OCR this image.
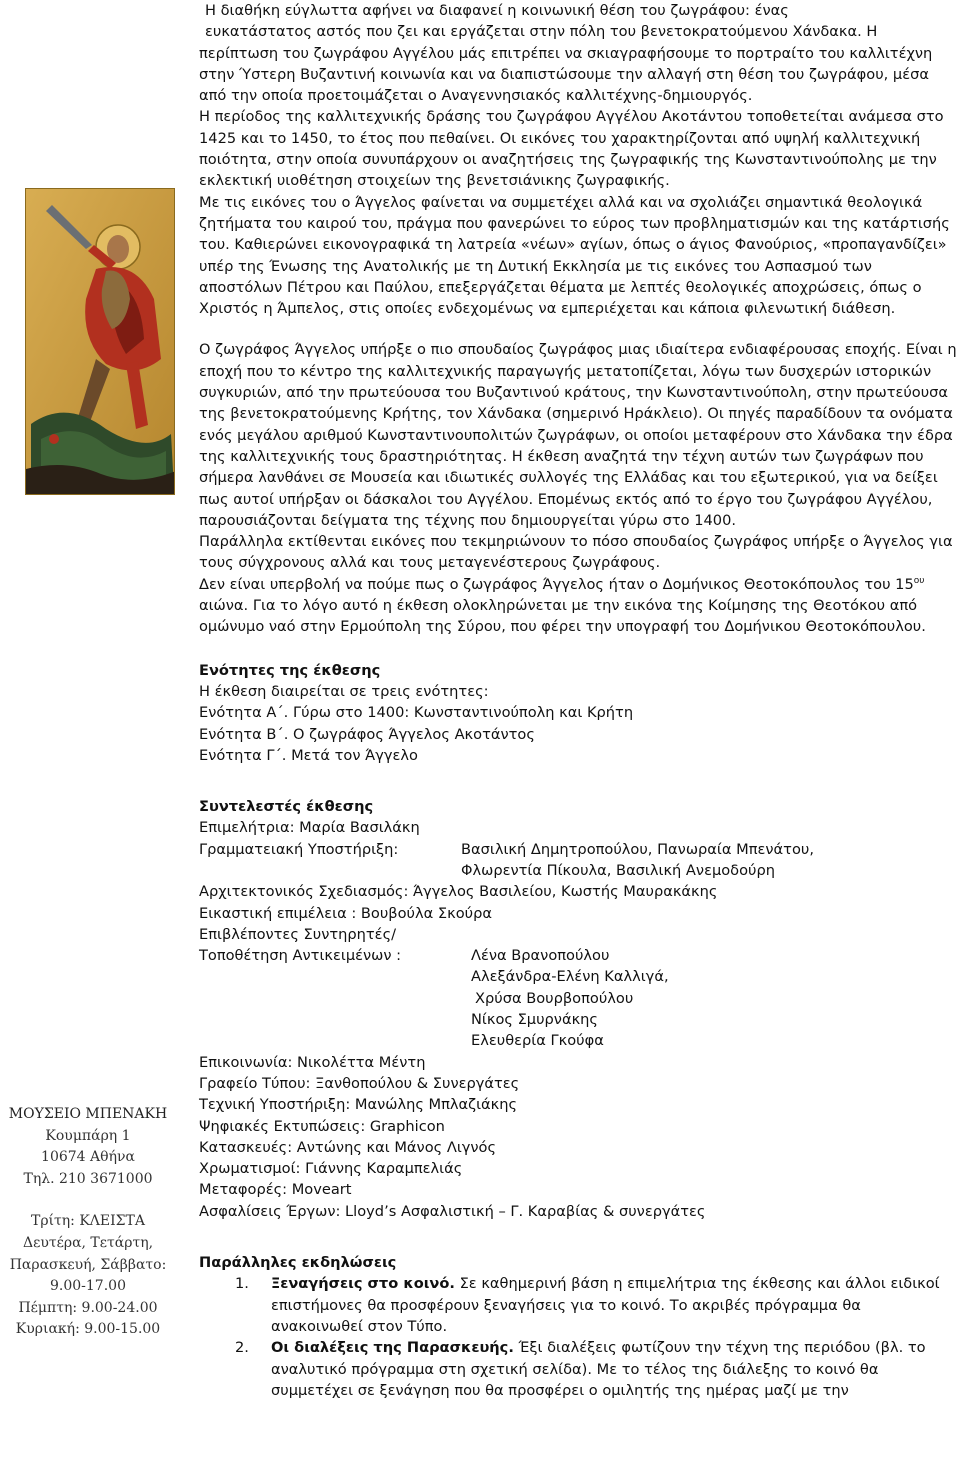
Η διαθήκη εύγλωττα αφήνει να διαφανεί η κοινωνική θέση του ζωγράφου: ένας

ευκατάστατος αστός που ζει και εργάζεται στην πόλη του βενετοκρατούμενου Χάνδακα. Η

περίπτωση του ζωγράφου Αγγέλου μάς επιτρέπει να σκιαγραφήσουμε το πορτραίτο του καλλιτέχνη στην Ύστερη Βυζαντινή κοινωνία και να διαπιστώσουμε την αλλαγή στη θέση του ζωγράφου, μέσα από την οποία προετοιμάζεται ο Αναγεννησιακός καλλιτέχνης-δημιουργός.

Η περίοδος της καλλιτεχνικής δράσης του ζωγράφου Αγγέλου Ακοτάντου τοποθετείται ανάμεσα στο 1425 και το 1450, το έτος που πεθαίνει. Οι εικόνες του χαρακτηρίζονται από υψηλή καλλιτεχνική ποιότητα, στην οποία συνυπάρχουν οι αναζητήσεις της ζωγραφικής της Κωνσταντινούπολης με την εκλεκτική υιοθέτηση στοιχείων της βενετσιάνικης ζωγραφικής.

Με τις εικόνες του ο Άγγελος φαίνεται να συμμετέχει αλλά και να σχολιάζει σημαντικά θεολογικά ζητήματα του καιρού του, πράγμα που φανερώνει το εύρος των προβληματισμών και της κατάρτισής του. Καθιερώνει εικονογραφικά τη λατρεία «νέων» αγίων, όπως ο άγιος Φανούριος, «προπαγανδίζει» υπέρ της Ένωσης της Ανατολικής με τη Δυτική Εκκλησία με τις εικόνες του Ασπασμού των αποστόλων Πέτρου και Παύλου, επεξεργάζεται θέματα με λεπτές θεολογικές αποχρώσεις, όπως ο Χριστός η Άμπελος, στις οποίες ενδεχομένως να εμπεριέχεται και κάποια φιλενωτική διάθεση.

Ο ζωγράφος Άγγελος υπήρξε ο πιο σπουδαίος ζωγράφος μιας ιδιαίτερα ενδιαφέρουσας εποχής. Είναι η εποχή που το κέντρο της καλλιτεχνικής παραγωγής μετατοπίζεται, λόγω των δυσχερών ιστορικών συγκυριών, από την πρωτεύουσα του Βυζαντινού κράτους, την Κωνσταντινούπολη, στην πρωτεύουσα της βενετοκρατούμενης Κρήτης, τον Χάνδακα (σημερινό Ηράκλειο). Οι πηγές παραδίδουν τα ονόματα ενός μεγάλου αριθμού Κωνσταντινουπολιτών ζωγράφων, οι οποίοι μεταφέρουν στο Χάνδακα την έδρα της καλλιτεχνικής τους δραστηριότητας. Η έκθεση αναζητά την τέχνη αυτών των ζωγράφων που σήμερα λανθάνει σε Μουσεία και ιδιωτικές συλλογές της Ελλάδας και του εξωτερικού, για να δείξει πως αυτοί υπήρξαν οι δάσκαλοι του Αγγέλου. Επομένως εκτός από το έργο του ζωγράφου Αγγέλου, παρουσιάζονται δείγματα της τέχνης που δημιουργείται γύρω στο 1400.

Παράλληλα εκτίθενται εικόνες που τεκμηριώνουν το πόσο σπουδαίος ζωγράφος υπήρξε ο Άγγελος για τους σύγχρονους αλλά και τους μεταγενέστερους ζωγράφους.

Δεν είναι υπερβολή να πούμε πως ο ζωγράφος Άγγελος ήταν ο Δομήνικος Θεοτοκόπουλος του $15^{o\upsilon}$ αιώνα. Για το λόγο αυτό η έκθεση ολοκληρώνεται με την εικόνα της Κοίμησης της Θεοτόκου από ομώνυμο ναό στην Ερμούπολη της Σύρου, που φέρει την υπογραφή του Δομήνικου Θεοτοκόπουλου.

Ενότητες της έκθεσης

Η έκθεση διαιρείται σε τρεις ενότητες:

Ενότητα Α΄. Γύρω στο 1400: Κωνσταντινούπολη και Κρήτη

Ενότητα Β΄. Ο ζωγράφος Άγγελος Ακοτάντος

Ενότητα Γ΄. Μετά τον Άγγελο

Συντελεστές έκθεσης

Επιμελήτρια: Μαρία Βασιλάκη

Γραμματειακή Υποστήριξη:	Βασιλική Δημητροπούλου, Πανωραία Μπενάτου,

Φλωρεντία Πίκουλα, Βασιλική Ανεμοδούρη

Αρχιτεκτονικός Σχεδιασμός: Άγγελος Βασιλείου, Κωστής Μαυρακάκης

Εικαστική επιμέλεια : Βουβούλα Σκούρα

Επιβλέποντες Συντηρητές/

Τοποθέτηση Αντικειμένων :	Λένα Βρανοπούλου

Αλεξάνδρα-Ελένη Καλλιγά,

Χρύσα Βουρβοπούλου

Νίκος Σμυρνάκης

Ελευθερία Γκούφα

Επικοινωνία: Νικολέττα Μέντη

Γραφείο Τύπου: Ξανθοπούλου & Συνεργάτες

Τεχνική Υποστήριξη: Μανώλης Μπλαζιάκης

Ψηφιακές Εκτυπώσεις: Graphicon

Κατασκευές: Αντώνης και Μάνος Λιγνός

Χρωματισμοί: Γιάννης Καραμπελιάς

Μεταφορές: Moveart

Ασφαλίσεις Έργων: Lloyd’s Ασφαλιστική – Γ. Καραβίας & συνεργάτες

Παράλληλες εκδηλώσεις

1. Ξεναγήσεις στο κοινό. Σε καθημερινή βάση η επιμελήτρια της έκθεσης και άλλοι ειδικοί επιστήμονες θα προσφέρουν ξεναγήσεις για το κοινό. Το ακριβές πρόγραμμα θα ανακοινωθεί στον Τύπο.
2. Οι διαλέξεις της Παρασκευής. Έξι διαλέξεις φωτίζουν την τέχνη της περιόδου (βλ. το αναλυτικό πρόγραμμα στη σχετική σελίδα). Με το τέλος της διάλεξης το κοινό θα συμμετέχει σε ξενάγηση που θα προσφέρει ο ομιλητής της ημέρας μαζί με την
ΜΟΥΣΕΙΟ ΜΠΕΝΑΚΗ
Κουμπάρη 1
10674 Αθήνα
Τηλ. 210 3671000
Τρίτη: ΚΛΕΙΣΤΑ
Δευτέρα, Τετάρτη,
Παρασκευή, Σάββατο:
9.00-17.00
Πέμπτη: 9.00-24.00
Κυριακή: 9.00-15.00
